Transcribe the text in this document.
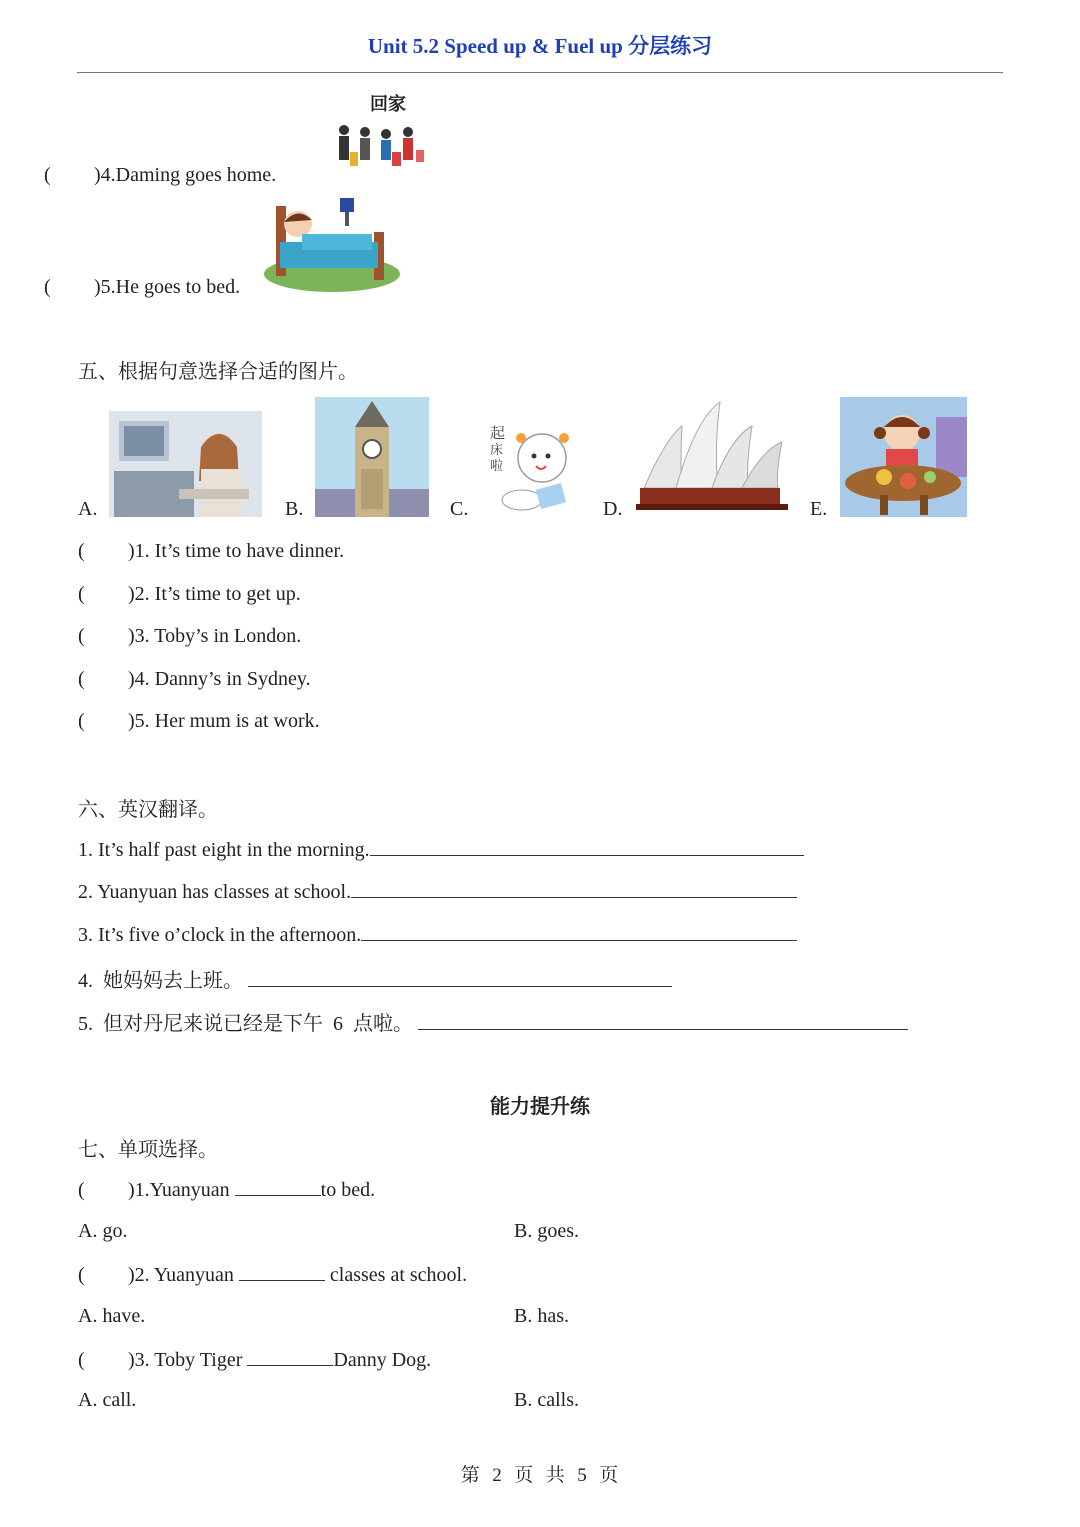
Unit 5.2 Speed up & Fuel up 分层练习
( )4.Daming goes home.
( )5.He goes to bed.
回家
五、根据句意选择合适的图片。
A.	B.	C.
起
床
啦
D.	E.
( )1. It’s time to have dinner.
( )2. It’s time to get up.
( )3. Toby’s in London.
( )4. Danny’s in Sydney.
( )5. Her mum is at work.
六、英汉翻译。
1. It’s half past eight in the morning.
2. Yuanyuan has classes at school.
3. It’s five o’clock in the afternoon.
4.  她妈妈去上班。
5.  但对丹尼来说已经是下午  6  点啦。
能力提升练
七、单项选择。
( )1.Yuanyuan	to bed.
A. go.	B. goes.
( )2. Yuanyuan	classes at school.
A. have.	B. has.
( )3. Toby Tiger	Danny Dog.
A. call.	B. calls.
第  2  页  共  5  页
